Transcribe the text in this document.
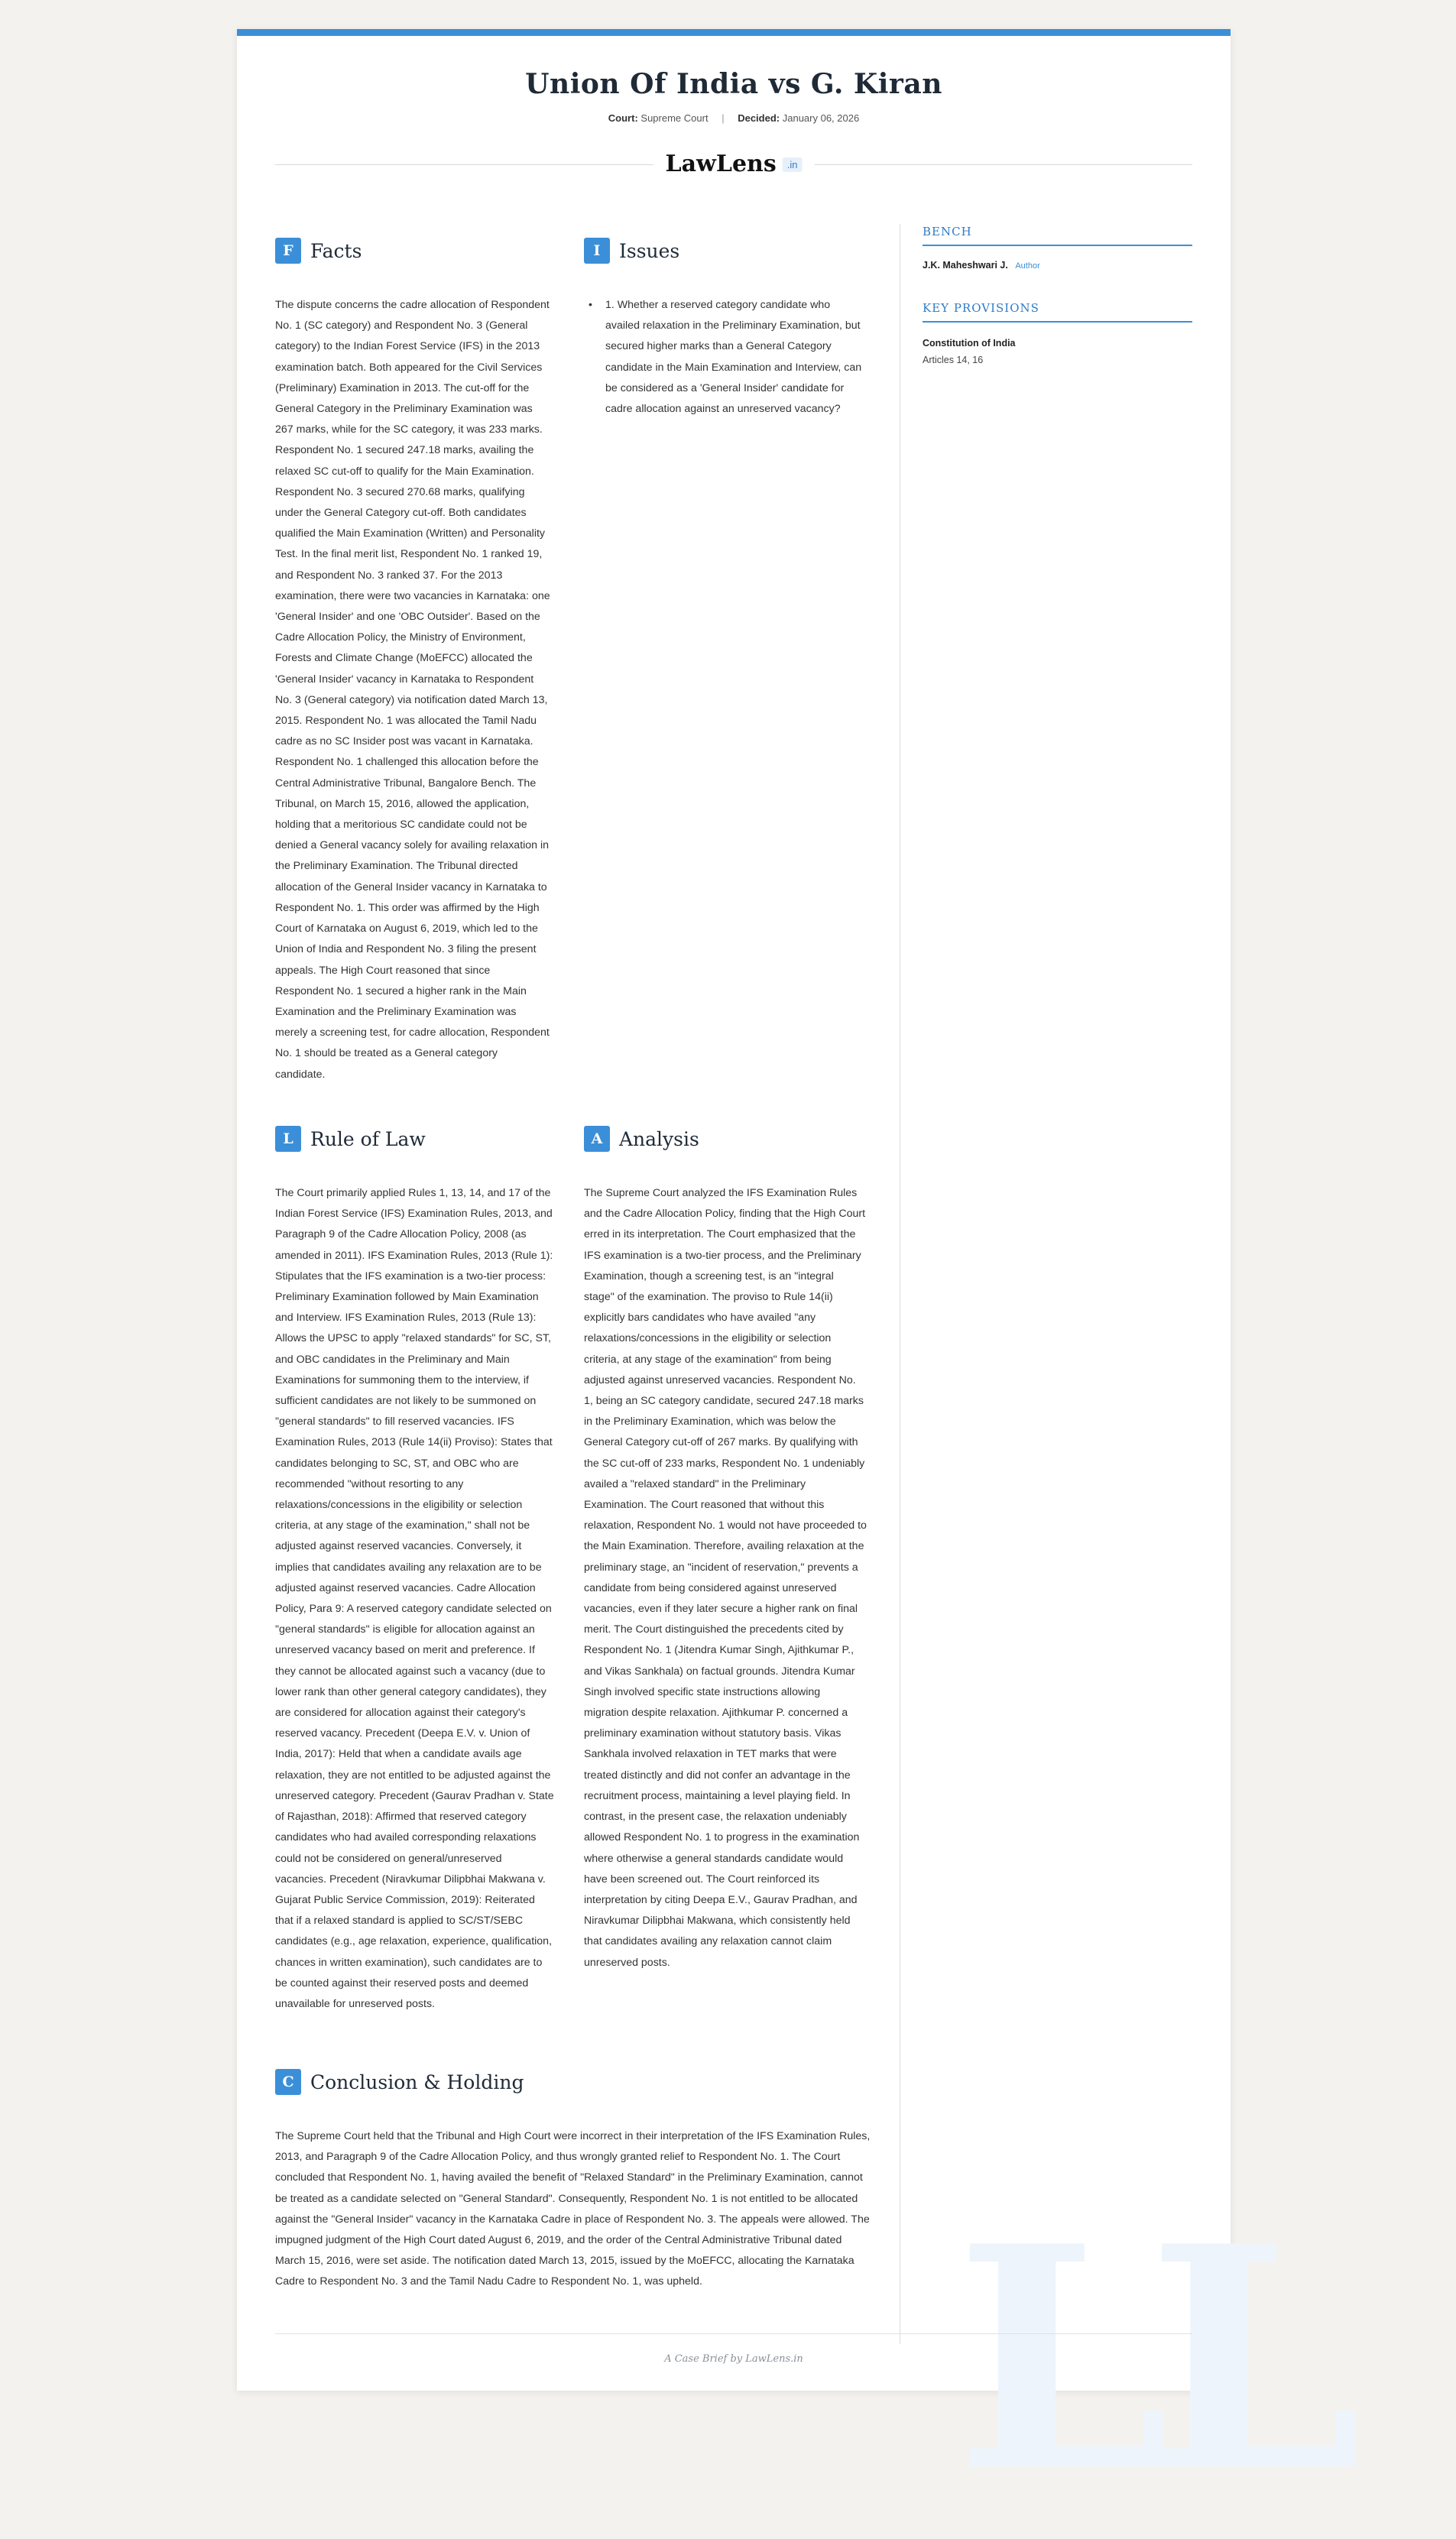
Union Of India vs G. Kiran
Court: Supreme Court | Decided: January 06, 2026
LawLens .in
F Facts
The dispute concerns the cadre allocation of Respondent No. 1 (SC category) and Respondent No. 3 (General category) to the Indian Forest Service (IFS) in the 2013 examination batch. Both appeared for the Civil Services (Preliminary) Examination in 2013. The cut-off for the General Category in the Preliminary Examination was 267 marks, while for the SC category, it was 233 marks. Respondent No. 1 secured 247.18 marks, availing the relaxed SC cut-off to qualify for the Main Examination. Respondent No. 3 secured 270.68 marks, qualifying under the General Category cut-off. Both candidates qualified the Main Examination (Written) and Personality Test. In the final merit list, Respondent No. 1 ranked 19, and Respondent No. 3 ranked 37. For the 2013 examination, there were two vacancies in Karnataka: one 'General Insider' and one 'OBC Outsider'. Based on the Cadre Allocation Policy, the Ministry of Environment, Forests and Climate Change (MoEFCC) allocated the 'General Insider' vacancy in Karnataka to Respondent No. 3 (General category) via notification dated March 13, 2015. Respondent No. 1 was allocated the Tamil Nadu cadre as no SC Insider post was vacant in Karnataka. Respondent No. 1 challenged this allocation before the Central Administrative Tribunal, Bangalore Bench. The Tribunal, on March 15, 2016, allowed the application, holding that a meritorious SC candidate could not be denied a General vacancy solely for availing relaxation in the Preliminary Examination. The Tribunal directed allocation of the General Insider vacancy in Karnataka to Respondent No. 1. This order was affirmed by the High Court of Karnataka on August 6, 2019, which led to the Union of India and Respondent No. 3 filing the present appeals. The High Court reasoned that since Respondent No. 1 secured a higher rank in the Main Examination and the Preliminary Examination was merely a screening test, for cadre allocation, Respondent No. 1 should be treated as a General category candidate.
I Issues
• 1. Whether a reserved category candidate who availed relaxation in the Preliminary Examination, but secured higher marks than a General Category candidate in the Main Examination and Interview, can be considered as a 'General Insider' candidate for cadre allocation against an unreserved vacancy?
L Rule of Law
The Court primarily applied Rules 1, 13, 14, and 17 of the Indian Forest Service (IFS) Examination Rules, 2013, and Paragraph 9 of the Cadre Allocation Policy, 2008 (as amended in 2011). IFS Examination Rules, 2013 (Rule 1): Stipulates that the IFS examination is a two-tier process: Preliminary Examination followed by Main Examination and Interview. IFS Examination Rules, 2013 (Rule 13): Allows the UPSC to apply "relaxed standards" for SC, ST, and OBC candidates in the Preliminary and Main Examinations for summoning them to the interview, if sufficient candidates are not likely to be summoned on "general standards" to fill reserved vacancies. IFS Examination Rules, 2013 (Rule 14(ii) Proviso): States that candidates belonging to SC, ST, and OBC who are recommended "without resorting to any relaxations/concessions in the eligibility or selection criteria, at any stage of the examination," shall not be adjusted against reserved vacancies. Conversely, it implies that candidates availing any relaxation are to be adjusted against reserved vacancies. Cadre Allocation Policy, Para 9: A reserved category candidate selected on "general standards" is eligible for allocation against an unreserved vacancy based on merit and preference. If they cannot be allocated against such a vacancy (due to lower rank than other general category candidates), they are considered for allocation against their category's reserved vacancy. Precedent (Deepa E.V. v. Union of India, 2017): Held that when a candidate avails age relaxation, they are not entitled to be adjusted against the unreserved category. Precedent (Gaurav Pradhan v. State of Rajasthan, 2018): Affirmed that reserved category candidates who had availed corresponding relaxations could not be considered on general/unreserved vacancies. Precedent (Niravkumar Dilipbhai Makwana v. Gujarat Public Service Commission, 2019): Reiterated that if a relaxed standard is applied to SC/ST/SEBC candidates (e.g., age relaxation, experience, qualification, chances in written examination), such candidates are to be counted against their reserved posts and deemed unavailable for unreserved posts.
A Analysis
The Supreme Court analyzed the IFS Examination Rules and the Cadre Allocation Policy, finding that the High Court erred in its interpretation. The Court emphasized that the IFS examination is a two-tier process, and the Preliminary Examination, though a screening test, is an "integral stage" of the examination. The proviso to Rule 14(ii) explicitly bars candidates who have availed "any relaxations/concessions in the eligibility or selection criteria, at any stage of the examination" from being adjusted against unreserved vacancies. Respondent No. 1, being an SC category candidate, secured 247.18 marks in the Preliminary Examination, which was below the General Category cut-off of 267 marks. By qualifying with the SC cut-off of 233 marks, Respondent No. 1 undeniably availed a "relaxed standard" in the Preliminary Examination. The Court reasoned that without this relaxation, Respondent No. 1 would not have proceeded to the Main Examination. Therefore, availing relaxation at the preliminary stage, an "incident of reservation," prevents a candidate from being considered against unreserved vacancies, even if they later secure a higher rank on final merit. The Court distinguished the precedents cited by Respondent No. 1 (Jitendra Kumar Singh, Ajithkumar P., and Vikas Sankhala) on factual grounds. Jitendra Kumar Singh involved specific state instructions allowing migration despite relaxation. Ajithkumar P. concerned a preliminary examination without statutory basis. Vikas Sankhala involved relaxation in TET marks that were treated distinctly and did not confer an advantage in the recruitment process, maintaining a level playing field. In contrast, in the present case, the relaxation undeniably allowed Respondent No. 1 to progress in the examination where otherwise a general standards candidate would have been screened out. The Court reinforced its interpretation by citing Deepa E.V., Gaurav Pradhan, and Niravkumar Dilipbhai Makwana, which consistently held that candidates availing any relaxation cannot claim unreserved posts.
C Conclusion & Holding
The Supreme Court held that the Tribunal and High Court were incorrect in their interpretation of the IFS Examination Rules, 2013, and Paragraph 9 of the Cadre Allocation Policy, and thus wrongly granted relief to Respondent No. 1. The Court concluded that Respondent No. 1, having availed the benefit of "Relaxed Standard" in the Preliminary Examination, cannot be treated as a candidate selected on "General Standard". Consequently, Respondent No. 1 is not entitled to be allocated against the "General Insider" vacancy in the Karnataka Cadre in place of Respondent No. 3. The appeals were allowed. The impugned judgment of the High Court dated August 6, 2019, and the order of the Central Administrative Tribunal dated March 15, 2016, were set aside. The notification dated March 13, 2015, issued by the MoEFCC, allocating the Karnataka Cadre to Respondent No. 3 and the Tamil Nadu Cadre to Respondent No. 1, was upheld.
BENCH
J.K. Maheshwari J. Author
KEY PROVISIONS
Constitution of India
Articles 14, 16
LL
A Case Brief by LawLens.in
